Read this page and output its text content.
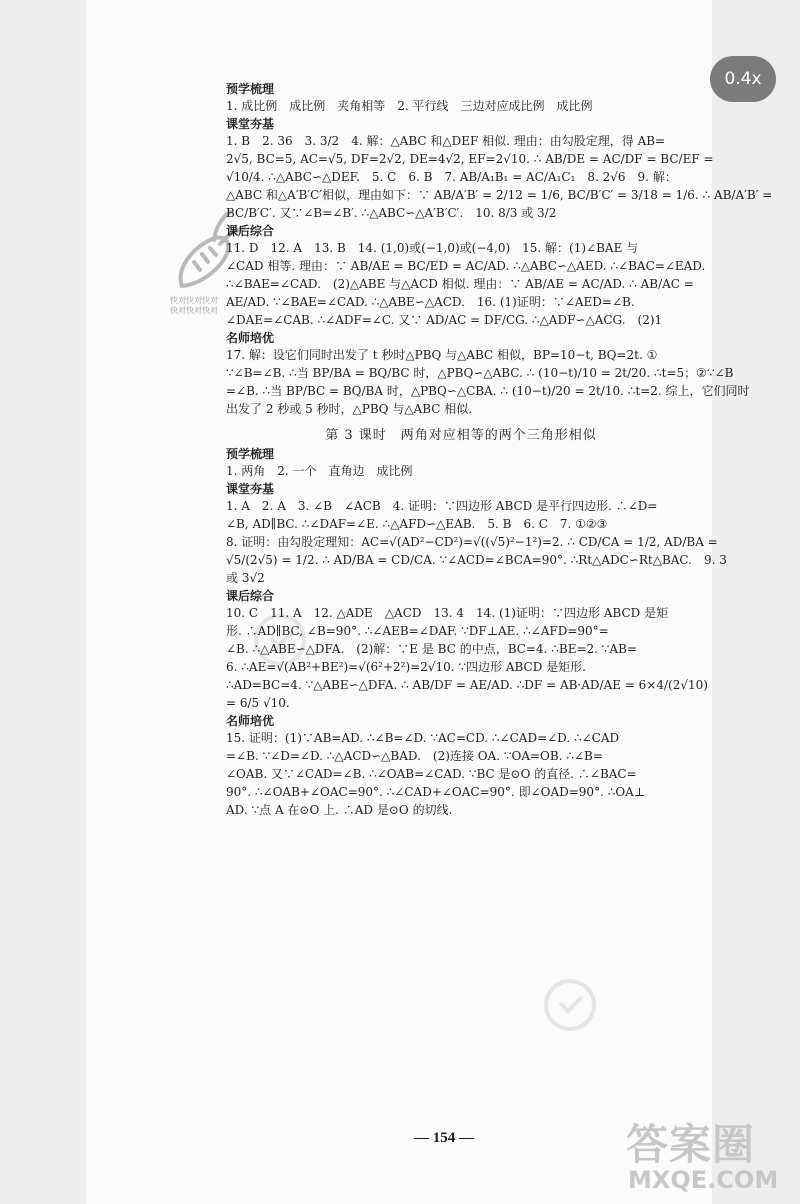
快对快对快对
快对快对快对
预学梳理
1. 成比例　成比例　夹角相等　2. 平行线　三边对应成比例　成比例
课堂夯基
1. B　2. 36　3. 3/2　4. 解：△ABC 和△DEF 相似. 理由：由勾股定理，得 AB=
2√5, BC=5, AC=√5, DF=2√2, DE=4√2, EF=2√10. ∴ AB/DE = AC/DF = BC/EF =
√10/4. ∴△ABC∽△DEF.　5. C　6. B　7. AB/A₁B₁ = AC/A₁C₁　8. 2√6　9. 解：
△ABC 和△A′B′C′相似，理由如下：∵ AB/A′B′ = 2/12 = 1/6, BC/B′C′ = 3/18 = 1/6. ∴ AB/A′B′ =
BC/B′C′. 又∵∠B=∠B′. ∴△ABC∽△A′B′C′.　10. 8/3 或 3/2
课后综合
11. D　12. A　13. B　14. (1,0)或(−1,0)或(−4,0)　15. 解：(1)∠BAE 与
∠CAD 相等. 理由：∵ AB/AE = BC/ED = AC/AD. ∴△ABC∽△AED. ∴∠BAC=∠EAD.
∴∠BAE=∠CAD.　(2)△ABE 与△ACD 相似. 理由：∵ AB/AE = AC/AD. ∴ AB/AC =
AE/AD. ∵∠BAE=∠CAD. ∴△ABE∽△ACD.　16. (1)证明：∵∠AED=∠B.
∠DAE=∠CAB. ∴∠ADF=∠C. 又∵ AD/AC = DF/CG. ∴△ADF∽△ACG.　(2)1
名师培优
17. 解：设它们同时出发了 t 秒时△PBQ 与△ABC 相似，BP=10−t, BQ=2t. ①
∵∠B=∠B. ∴当 BP/BA = BQ/BC 时，△PBQ∽△ABC. ∴ (10−t)/10 = 2t/20. ∴t=5；②∵∠B
=∠B. ∴当 BP/BC = BQ/BA 时，△PBQ∽△CBA. ∴ (10−t)/20 = 2t/10. ∴t=2. 综上，它们同时
出发了 2 秒或 5 秒时，△PBQ 与△ABC 相似.
第 3 课时　两角对应相等的两个三角形相似
预学梳理
1. 两角　2. 一个　直角边　成比例
课堂夯基
1. A　2. A　3. ∠B　∠ACB　4. 证明：∵四边形 ABCD 是平行四边形. ∴∠D=
∠B, AD∥BC. ∴∠DAF=∠E. ∴△AFD∽△EAB.　5. B　6. C　7. ①②③
8. 证明：由勾股定理知：AC=√(AD²−CD²)=√((√5)²−1²)=2. ∴ CD/CA = 1/2, AD/BA =
√5/(2√5) = 1/2. ∴ AD/BA = CD/CA. ∵∠ACD=∠BCA=90°. ∴Rt△ADC∽Rt△BAC.　9. 3
或 3√2
课后综合
10. C　11. A　12. △ADE　△ACD　13. 4　14. (1)证明：∵四边形 ABCD 是矩
形. ∴AD∥BC, ∠B=90°. ∴∠AEB=∠DAF. ∵DF⊥AE. ∴∠AFD=90°=
∠B. ∴△ABE∽△DFA.　(2)解：∵E 是 BC 的中点，BC=4. ∴BE=2. ∵AB=
6. ∴AE=√(AB²+BE²)=√(6²+2²)=2√10. ∵四边形 ABCD 是矩形.
∴AD=BC=4. ∵△ABE∽△DFA. ∴ AB/DF = AE/AD. ∴DF = AB·AD/AE = 6×4/(2√10)
= 6/5 √10.
名师培优
15. 证明：(1)∵AB=AD. ∴∠B=∠D. ∵AC=CD. ∴∠CAD=∠D. ∴∠CAD
=∠B. ∵∠D=∠D. ∴△ACD∽△BAD.　(2)连接 OA. ∵OA=OB. ∴∠B=
∠OAB. 又∵∠CAD=∠B. ∴∠OAB=∠CAD. ∵BC 是⊙O 的直径. ∴∠BAC=
90°. ∴∠OAB+∠OAC=90°. ∴∠CAD+∠OAC=90°. 即∠OAD=90°. ∴OA⊥
AD. ∵点 A 在⊙O 上. ∴AD 是⊙O 的切线.
— 154 —	答案圈
MXQE.COM
0.4x
